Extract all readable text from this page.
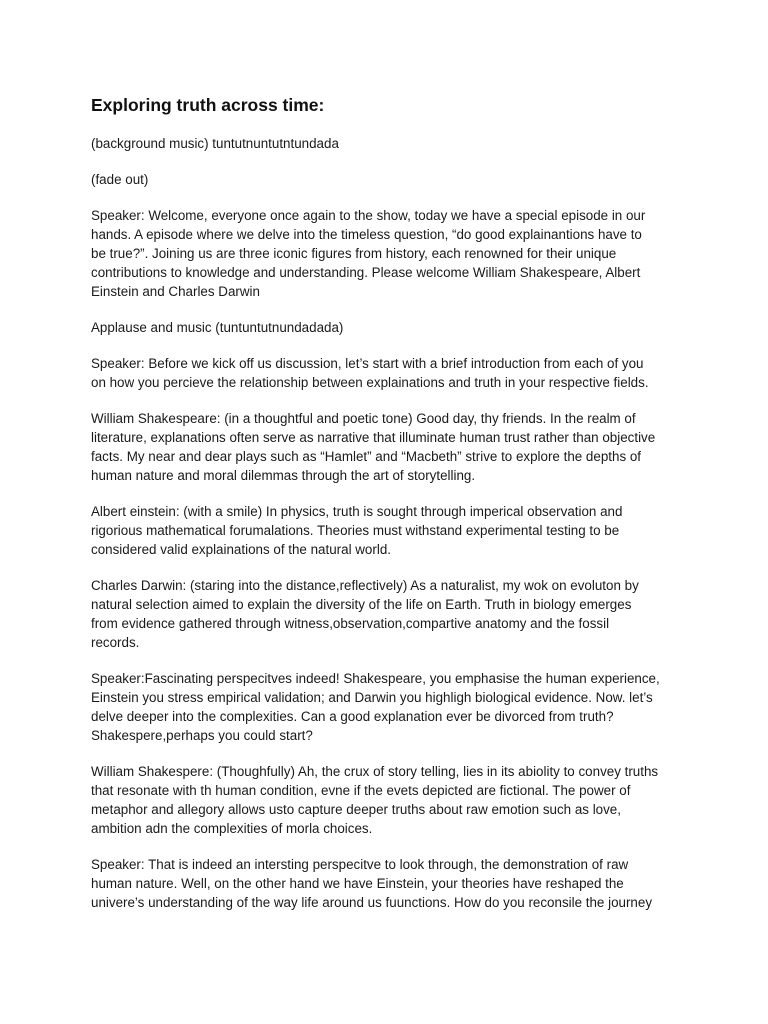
Exploring truth across time:

(background music) tuntutnuntutntundada

(fade out)

Speaker: Welcome, everyone once again to the show, today we have a special episode in our
hands. A episode where we delve into the timeless question, “do good explainantions have to
be true?”. Joining us are three iconic figures from history, each renowned for their unique
contributions to knowledge and understanding. Please welcome William Shakespeare, Albert
Einstein and Charles Darwin

Applause and music (tuntuntutnundadada)

Speaker: Before we kick off us discussion, let’s start with a brief introduction from each of you
on how you percieve the relationship between explainations and truth in your respective fields.

William Shakespeare: (in a thoughtful and poetic tone) Good day, thy friends. In the realm of
literature, explanations often serve as narrative that illuminate human trust rather than objective
facts. My near and dear plays such as “Hamlet” and “Macbeth” strive to explore the depths of
human nature and moral dilemmas through the art of storytelling.

Albert einstein: (with a smile) In physics, truth is sought through imperical observation and
rigorious mathematical forumalations. Theories must withstand experimental testing to be
considered valid explainations of the natural world.

Charles Darwin: (staring into the distance,reflectively) As a naturalist, my wok on evoluton by
natural selection aimed to explain the diversity of the life on Earth. Truth in biology emerges
from evidence gathered through witness,observation,compartive anatomy and the fossil
records.

Speaker:Fascinating perspecitves indeed! Shakespeare, you emphasise the human experience,
Einstein you stress empirical validation; and Darwin you highligh biological evidence. Now. let’s
delve deeper into the complexities. Can a good explanation ever be divorced from truth?
Shakespere,perhaps you could start?

William Shakespere: (Thoughfully) Ah, the crux of story telling, lies in its abiolity to convey truths
that resonate with th human condition, evne if the evets depicted are fictional. The power of
metaphor and allegory allows usto capture deeper truths about raw emotion such as love,
ambition adn the complexities of morla choices.

Speaker: That is indeed an intersting perspecitve to look through, the demonstration of raw
human nature. Well, on the other hand we have Einstein, your theories have reshaped the
univere’s understanding of the way life around us fuunctions. How do you reconsile the journey
